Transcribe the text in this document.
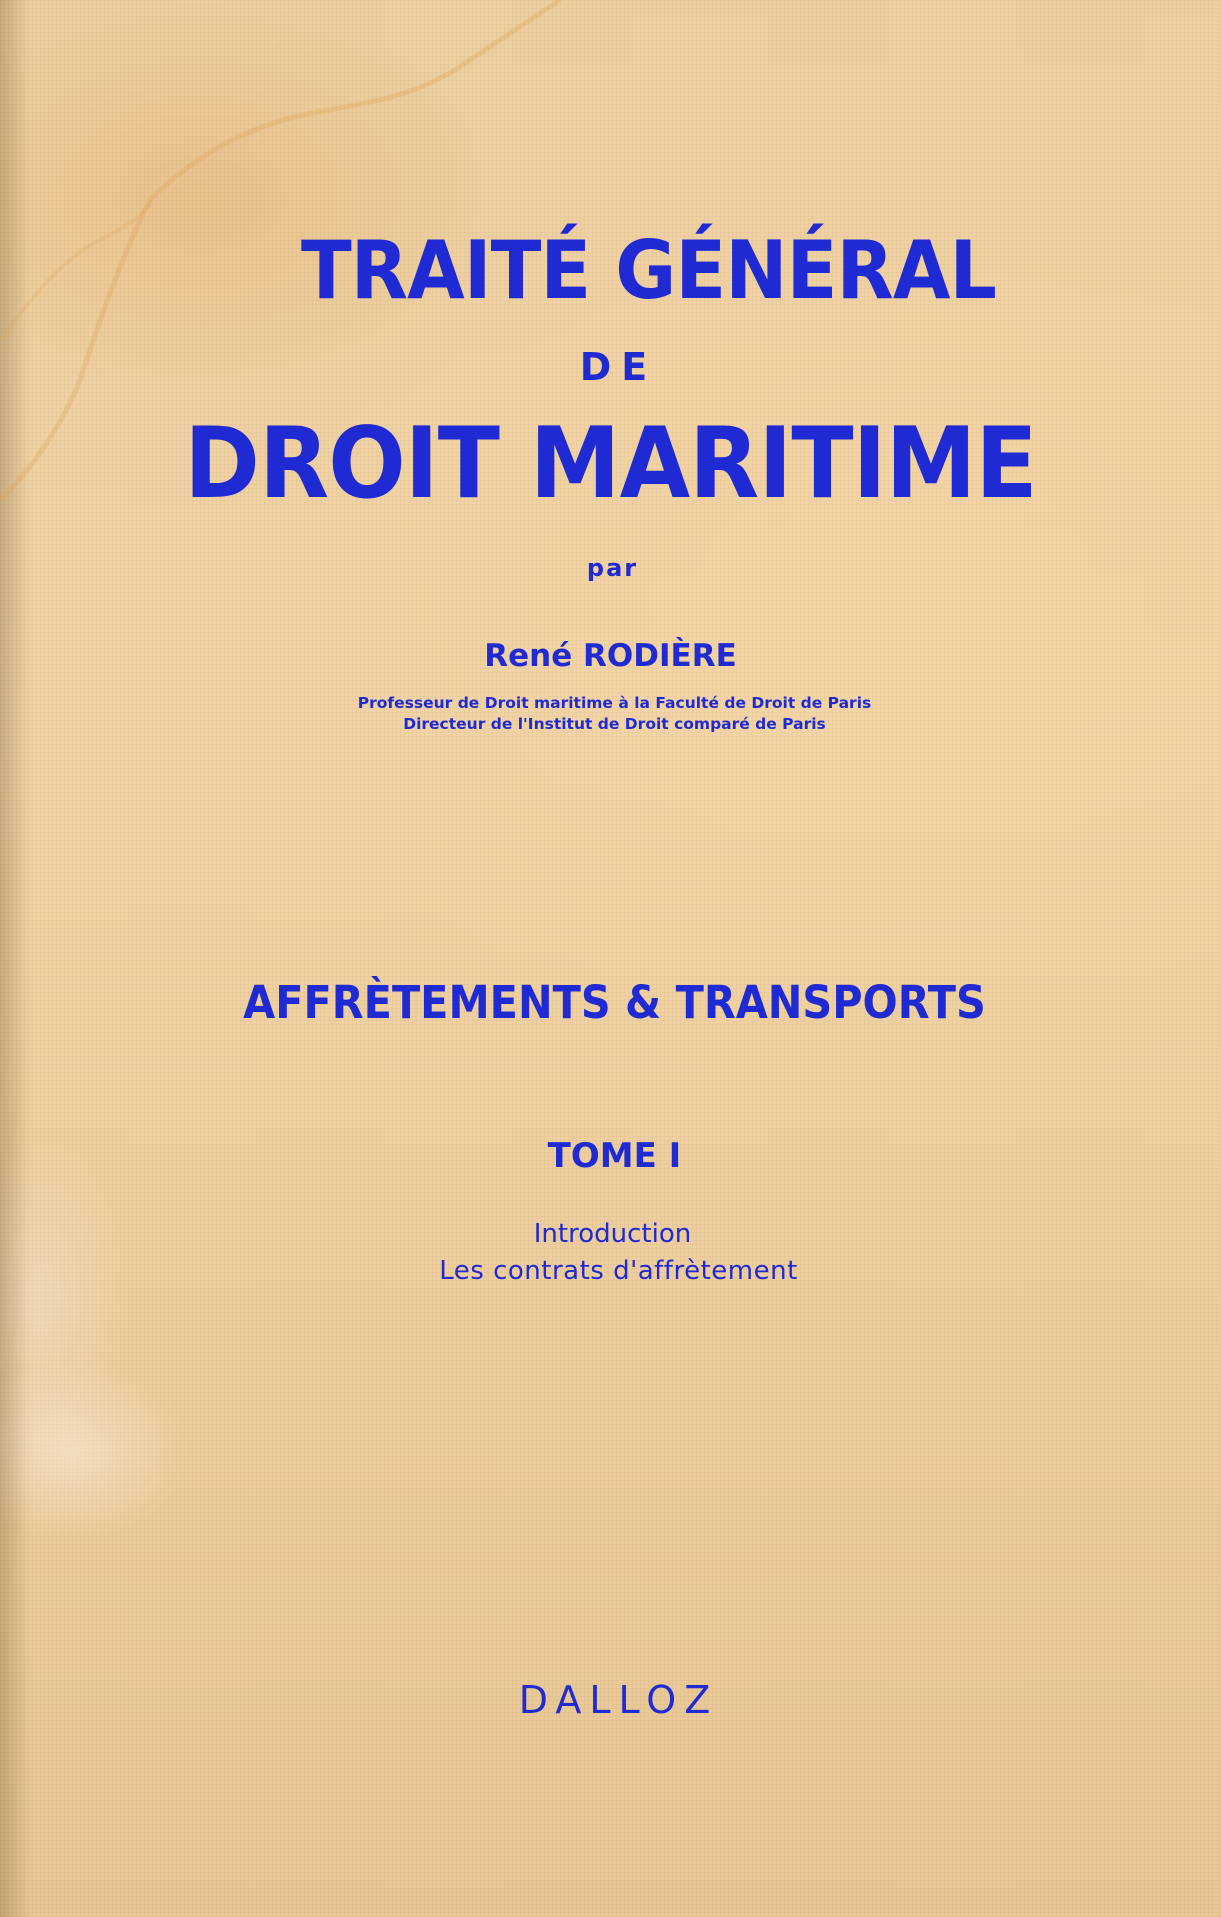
TRAITÉ GÉNÉRAL
DE
DROIT MARITIME
par
René RODIÈRE
Professeur de Droit maritime à la Faculté de Droit de Paris
Directeur de l'Institut de Droit comparé de Paris
AFFRÈTEMENTS & TRANSPORTS
TOME I
Introduction
Les contrats d'affrètement
DALLOZ
